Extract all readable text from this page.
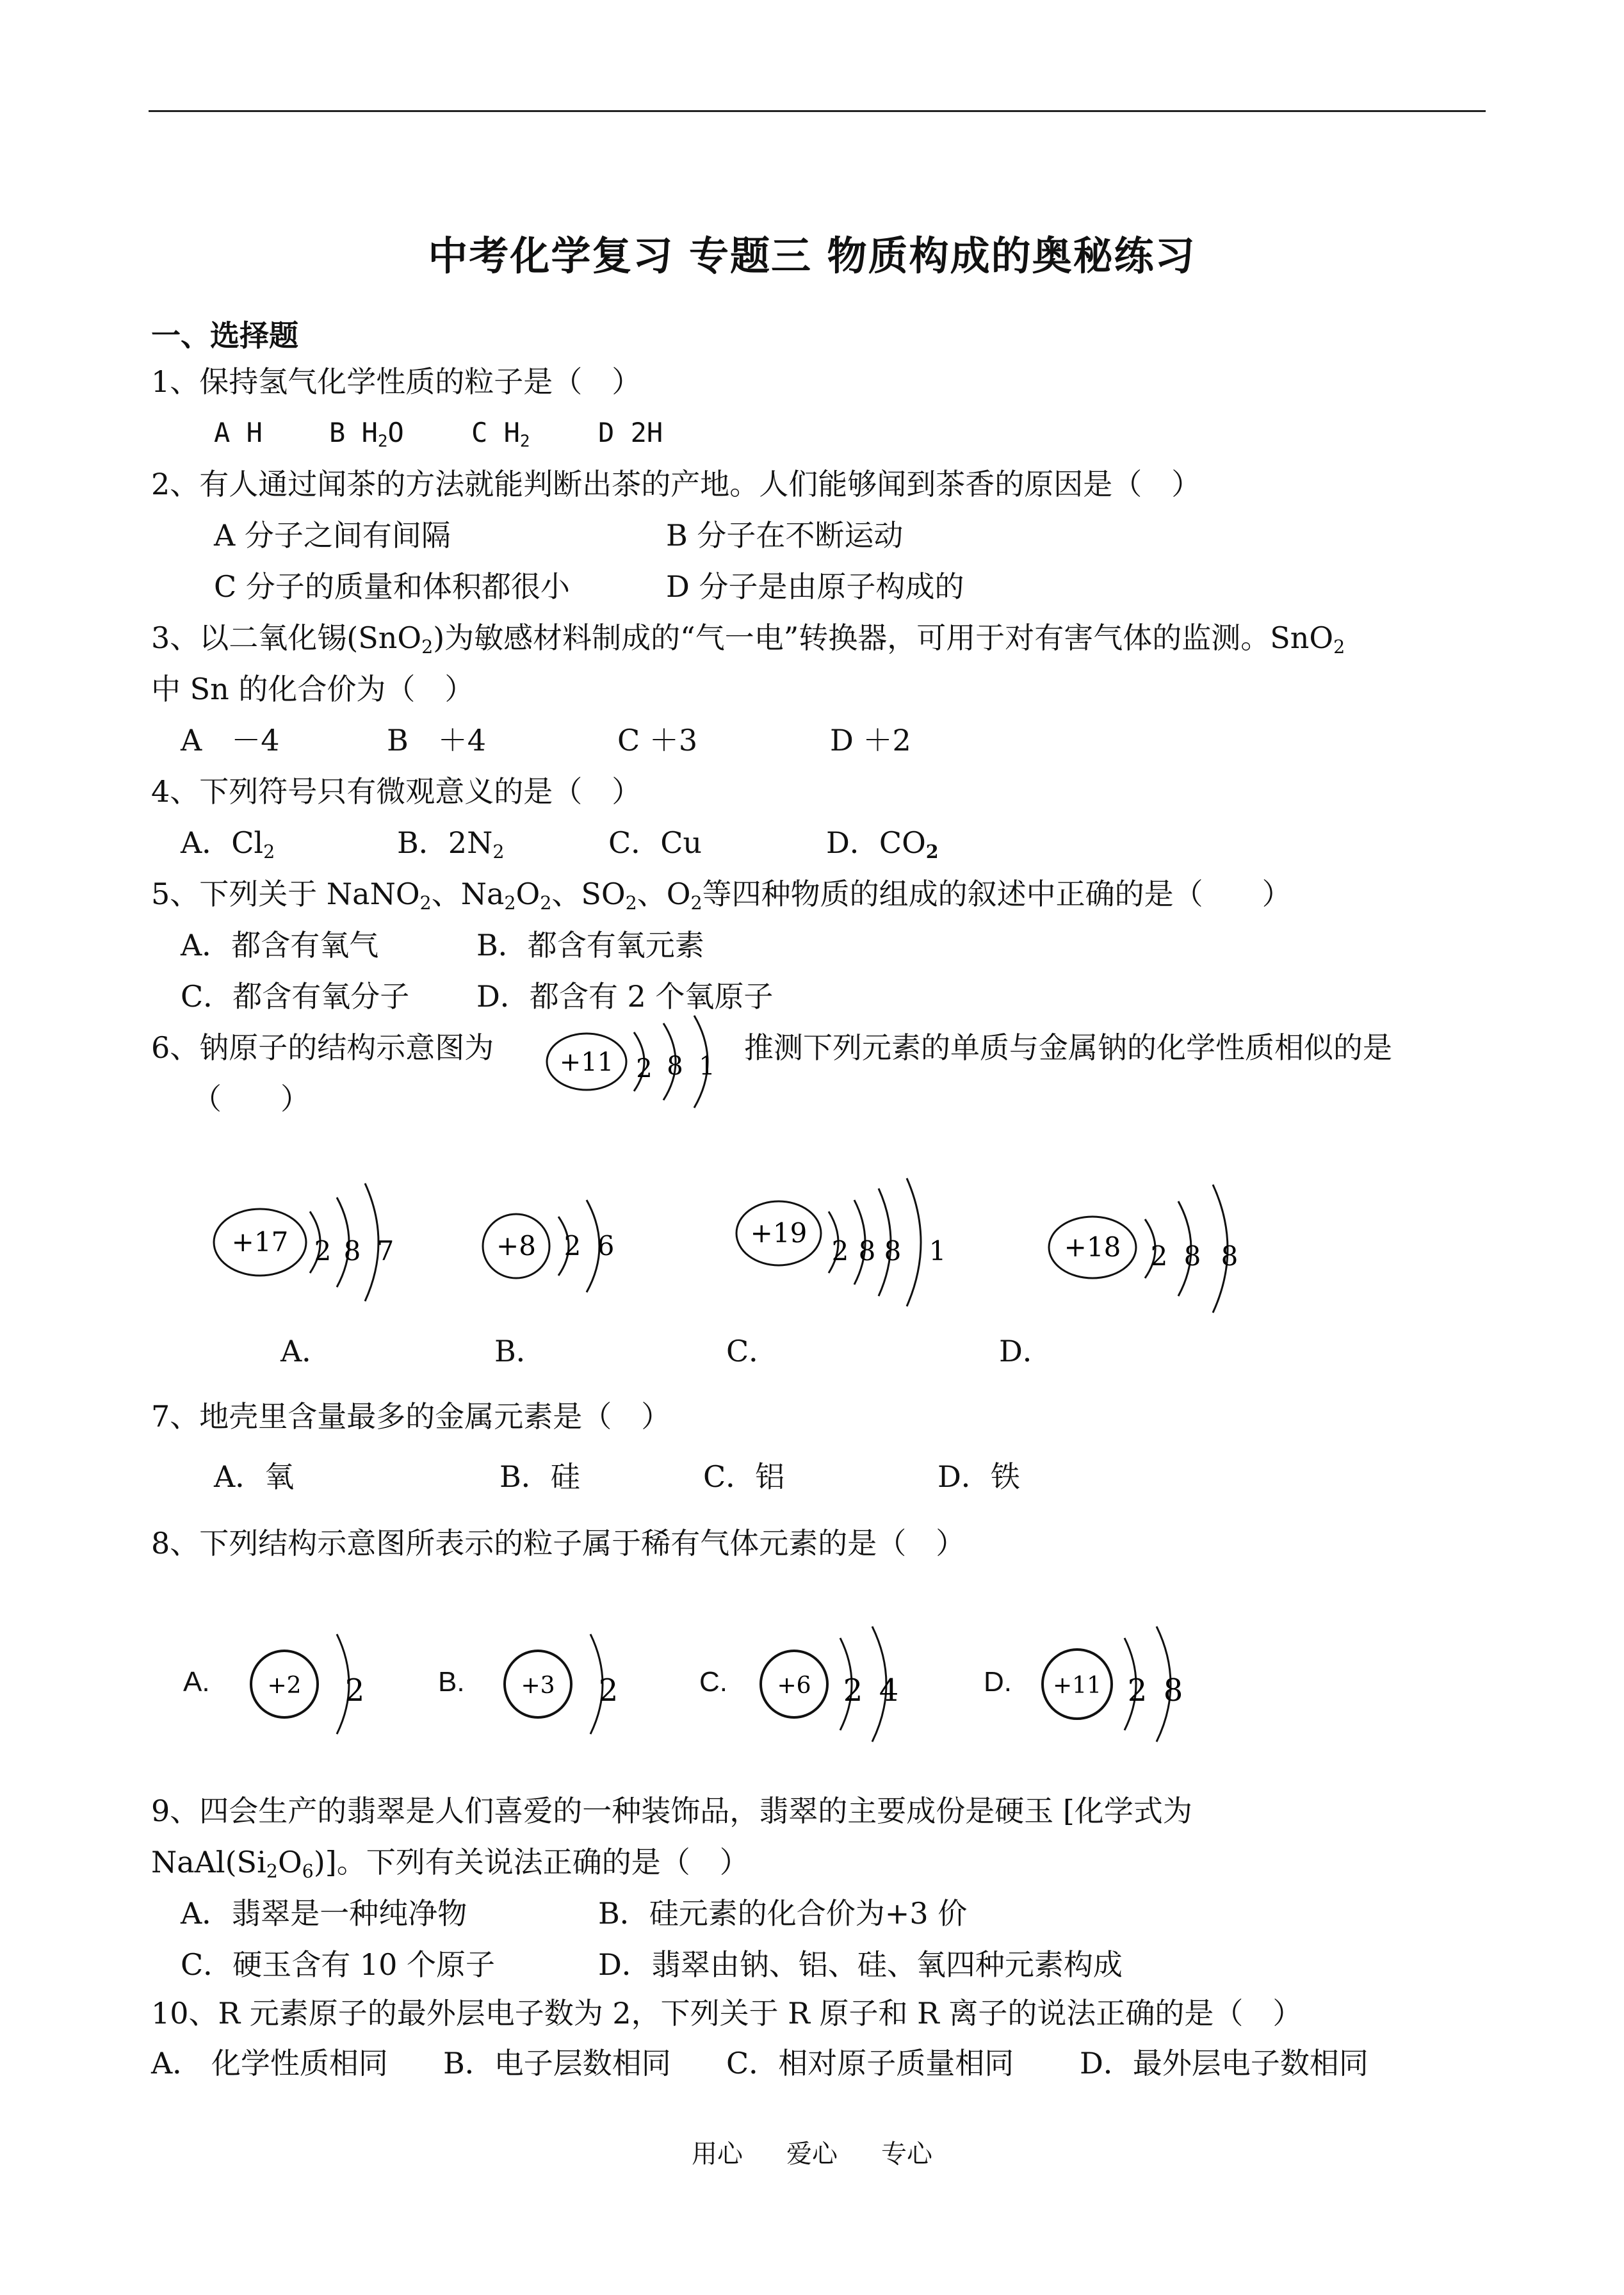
中考化学复习 专题三 物质构成的奥秘练习
一、选择题
1、保持氢气化学性质的粒子是（　）
A H B $H_2O$	C $H_2$	D 2H
2、有人通过闻茶的方法就能判断出茶的产地。人们能够闻到茶香的原因是（　）
A 分子之间有间隔	B 分子在不断运动
C 分子的质量和体积都很小	D 分子是由原子构成的
3、以二氧化锡(SnO$_2$)为敏感材料制成的“气一电”转换器，可用于对有害气体的监测。SnO$_2$
中 Sn 的化合价为（　）
A　－4	B　＋4	C ＋3	D ＋2
4、下列符号只有微观意义的是（　）
A．$Cl_2$	B．$2N_2$	C．Cu	D．$CO_2$
5、下列关于 NaNO$_2$、$Na_2O_2$、$SO_2$、$O_2$等四种物质的组成的叙述中正确的是（　　）
A．都含有氧气	B．都含有氧元素
C．都含有氧分子 D．都含有 2 个氧原子
6、钠原子的结构示意图为	推测下列元素的单质与金属钠的化学性质相似的是
（　　）
+11 2 8 1
+17 2 8 7	+8 2 6	+19
2 8 8 1	+18 2 8 8
A．	B．	C．	D．
7、地壳里含量最多的金属元素是（　）
A．氧	B．硅	C．铝	D．铁
8、下列结构示意图所表示的粒子属于稀有气体元素的是（　）
A. +2 2	B. +3 2	C. +6 2 4	D. +11 2 8
9、四会生产的翡翠是人们喜爱的一种装饰品，翡翠的主要成份是硬玉 [化学式为
$NaAl(Si_2O_6)$]。下列有关说法正确的是（　）
A．翡翠是一种纯净物	B．硅元素的化合价为+3 价
C．硬玉含有 10 个原子	D．翡翠由钠、铝、硅、氧四种元素构成
10、R 元素原子的最外层电子数为 2，下列关于 R 原子和 R 离子的说法正确的是（　）
A． 化学性质相同 B．电子层数相同 C．相对原子质量相同 D．最外层电子数相同
用心 爱心 专心
